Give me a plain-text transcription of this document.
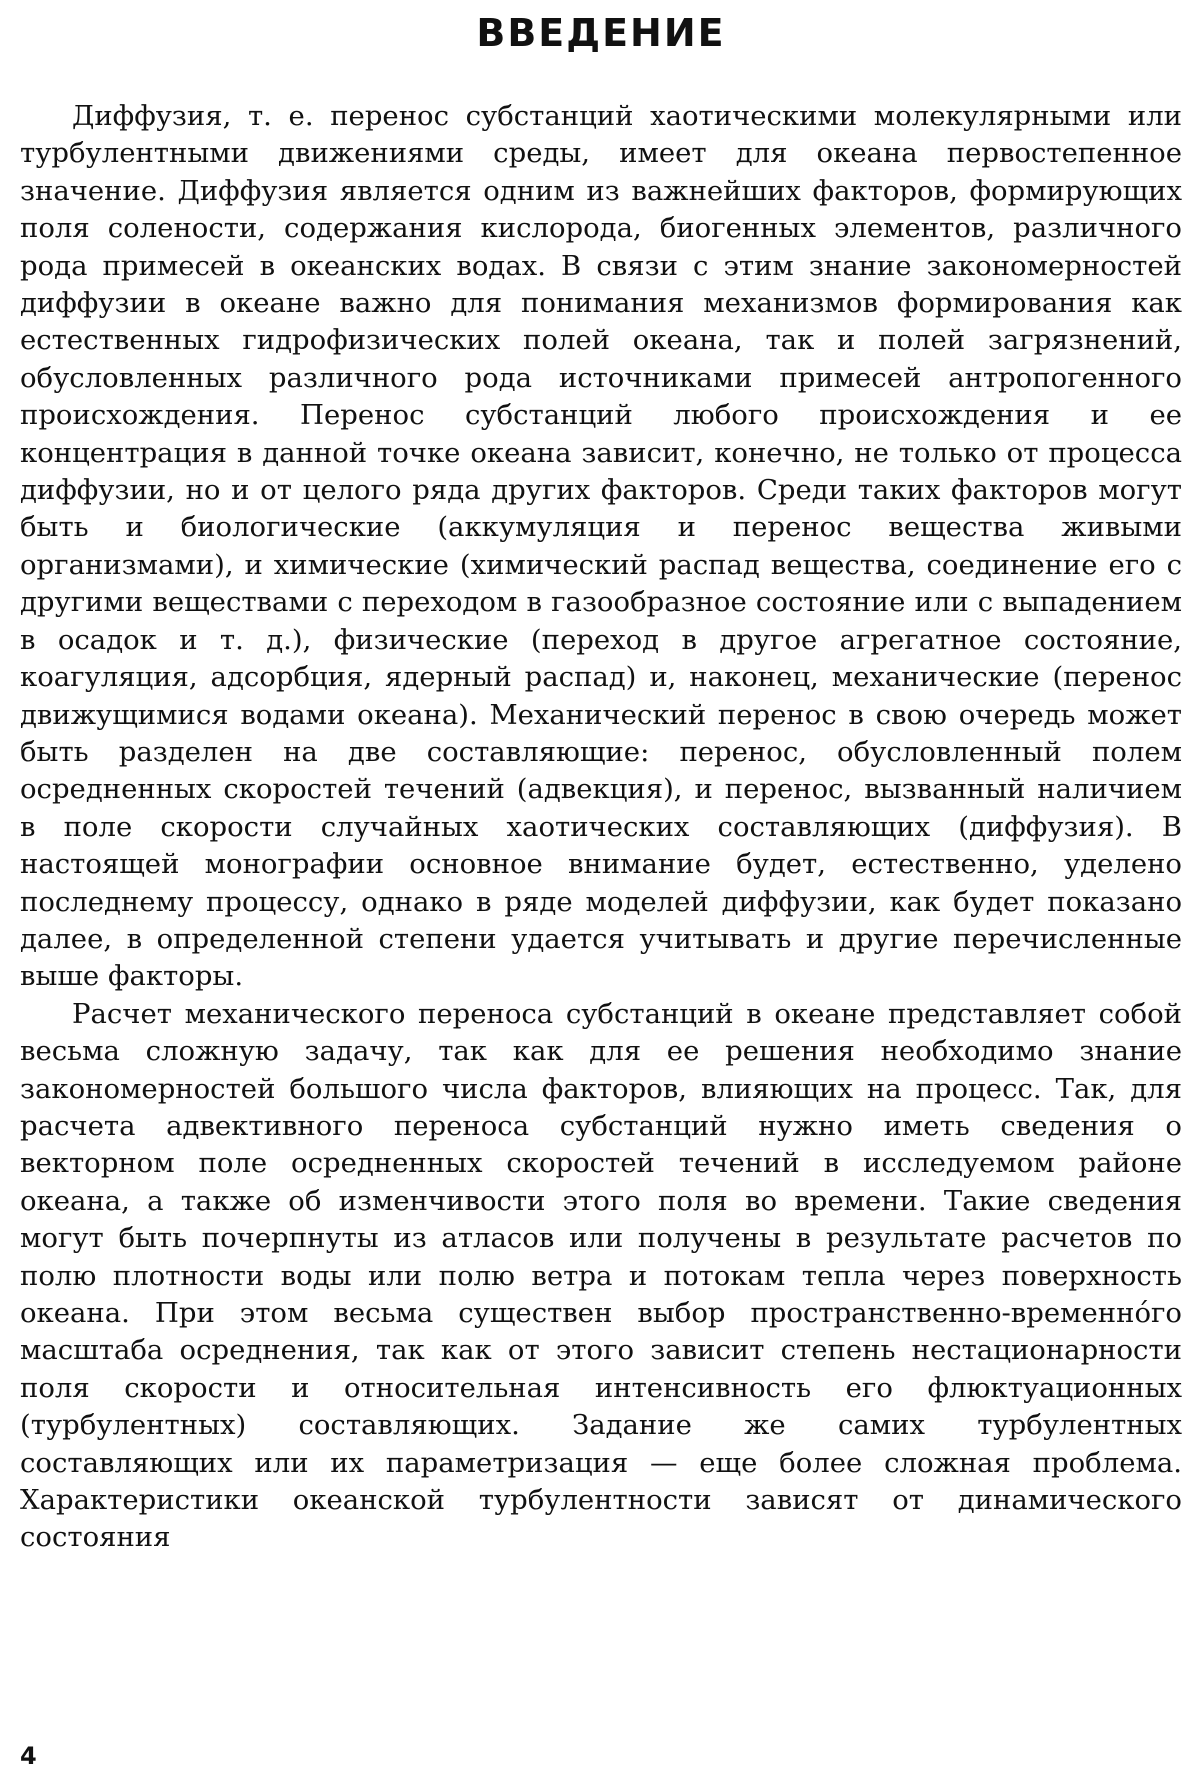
ВВЕДЕНИЕ

Диффузия, т. е. перенос субстанций хаотическими молекулярными или турбулентными движениями среды, имеет для океана первостепенное значение. Диффузия является одним из важнейших факторов, формирующих поля солености, содержания кислорода, биогенных элементов, различного рода примесей в океанских водах. В связи с этим знание закономерностей диффузии в океане важно для понимания механизмов формирования как естественных гидрофизических полей океана, так и полей загрязнений, обусловленных различного рода источниками примесей антропогенного происхождения. Перенос субстанций любого происхождения и ее концентрация в данной точке океана зависит, конечно, не только от процесса диффузии, но и от целого ряда других факторов. Среди таких факторов могут быть и биологические (аккумуляция и перенос вещества живыми организмами), и химические (химический распад вещества, соединение его с другими веществами с переходом в газообразное состояние или с выпадением в осадок и т. д.), физические (переход в другое агрегатное состояние, коагуляция, адсорбция, ядерный распад) и, наконец, механические (перенос движущимися водами океана). Механический перенос в свою очередь может быть разделен на две составляющие: перенос, обусловленный полем осредненных скоростей течений (адвекция), и перенос, вызванный наличием в поле скорости случайных хаотических составляющих (диффузия). В настоящей монографии основное внимание будет, естественно, уделено последнему процессу, однако в ряде моделей диффузии, как будет показано далее, в определенной степени удается учитывать и другие перечисленные выше факторы.

Расчет механического переноса субстанций в океане представляет собой весьма сложную задачу, так как для ее решения необходимо знание закономерностей большого числа факторов, влияющих на процесс. Так, для расчета адвективного переноса субстанций нужно иметь сведения о векторном поле осредненных скоростей течений в исследуемом районе океана, а также об изменчивости этого поля во времени. Такие сведения могут быть почерпнуты из атласов или получены в результате расчетов по полю плотности воды или полю ветра и потокам тепла через поверхность океана. При этом весьма существен выбор пространственно-временно́го масштаба осреднения, так как от этого зависит степень нестационарности поля скорости и относительная интенсивность его флюктуационных (турбулентных) составляющих. Задание же самих турбулентных составляющих или их параметризация — еще более сложная проблема. Характеристики океанской турбулентности зависят от динамического состояния

4
